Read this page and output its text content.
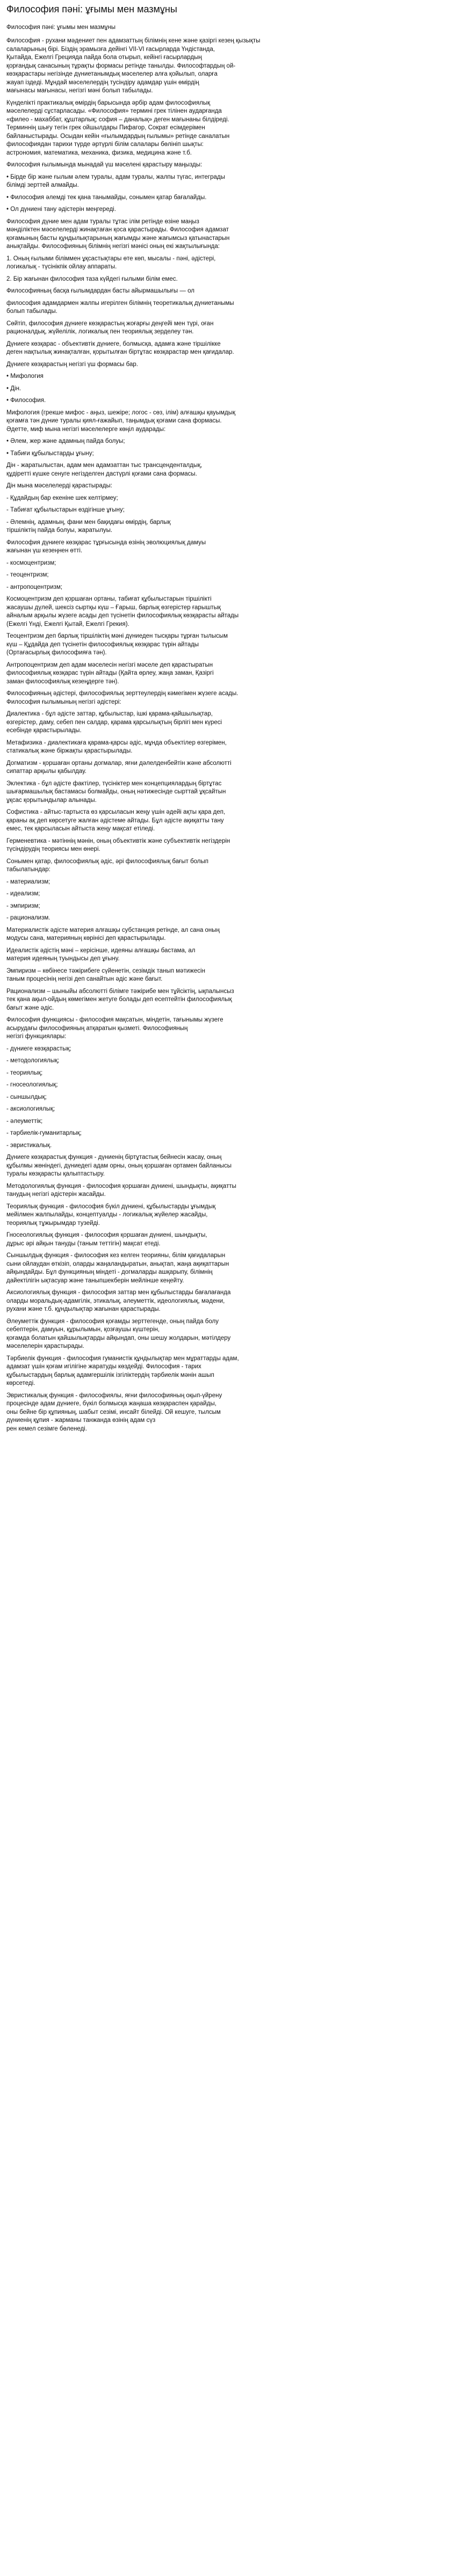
Философия пәні: ұғымы мен мазмұны
Философия пәні: ұғымы мен мазмұны
Философия - рухани мәдениет пен адамзаттың білімнің кене және қазіргі кезең қызықты
салаларының бірі. Біздің эрамызға дейінгі VII-VI ғасырларда Үндістанда,
Қытайда, Ежелгі Грецияда пайда бола отырып, кейінгі ғасырлардың
қорғандық санасының тұрақты формасы ретінде танылды. Философтардың ой-
көзқарастары негізінде дүниетанымдық мәселелер алға қойылып, оларға
жауап іздеді. Мұндай мәселелердің тусіндіру адамдар үшін өмірдің
мағынасы мағынасы, негізгі мәні болып табылады.
Күнделікті практикалық өмірдің барысында әрбір адам философиялық
мәселелерді сұстарласады. «Философия» термині грек тілінен аударғанда
«филео - махаббат, құштарлық; софия – даналық» деген мағынаны білдіреді.
Терминнің шығу тегін грек ойшылдары Пифагор, Сократ есімдерімен
байланыстырады. Осыдан кейін «ғылымдардың ғылымы» ретінде саналатын
философиядан тарихи түрде әртүрлі білім салалары бөлініп шықты:
астрономия, математика, механика, физика, медицина және т.б.
Философия ғылымында мынадай үш мәселені қарастыру маңызды:
• Бірде бір және ғылым әлем туралы, адам туралы, жалпы түгас, интеграды
білімді зерттей алмайды.
• Философия әлемді тек қана танымайды, сонымен қатар бағалайды.
• Ол дүниені тану әдістерін меңгереді.
Философия дүние мен адам туралы тұтас ілім ретінде өзіне маңыз
мәнділіктен мәселелерді жинақтаған қоса қарастырады. Философия адамзат
қоғамының басты құндылықтарының жағымды және жағымсыз қатынастарын
анықтайды. Философияның білімнің негізгі мәнісі оның екі жақтылығында:
1. Оның ғылыми біліммен ұқсастықтары өте көп, мысалы - пәні, әдістері,
логикалық - түсінікпік ойлау аппараты.
2. Бір жағынан философия таза күйдегі ғылыми білім емес.
Философияның басқа ғылымдардан басты айырмашылығы — ол
философия адамдармен жалпы игерілген білімнің теоретикалық дүниетанымы
болып табылады.
Сөйтіп, философия дүниеге көзқарастың жоғарғы деңгейі мен түрі, оған
рационалдық, жүйелілік, логикалық пен теориялық зерделеу тән.
Дүниеге көзқарас - объективтік дүниеге, болмысқа, адамға және тіршілікке
деген нақтылық жинақталған, қорытылған біртұтас көзқарастар мен қағидалар.
Дүниеге көзқарастың негізгі үш формасы бар.
• Мифология
• Дін.
• Философия.
Мифология (грекше мифос - аңыз, шежіре; логос - сөз, ілім) алғашқы қауымдық
қоғамға тән дүние туралы қиял-ғажайып, таңымдық қоғами сана формасы.
Әдетте, миф мына негізгі мәселелерге көңіл аударады:
• Әлем, жер және адамның пайда болуы;
• Табиғи құбылыстарды ұғыну;
Дін - жаратылыстан, адам мен адамзаттан тыс трансценденталдық,
құдіретті күшке сенуге негізделген дастүрлі қоғами сана формасы.
Дін мына мәселелерді қарастырады:
- Құдайдың бар екеніне шек келтірмеу;
- Табиғат құбылыстарын өздігінше ұғыну;
- Әлемнің, адамның, фани мен бақидағы өмірдің, барлық
тіршіліктің пайда болуы, жаратылуы.
Философия дүниеге көзқарас тұрғысында өзінің эволюциялық дамуы
жағынан үш кезеңнен өтті.
- космоцентризм;
- теоцентризм;
- антропоцентризм;
Космоцентризм деп қоршаған ортаны, табиғат құбылыстарын тіршілікті
жасаушы дүлей, шексіз сыртқы күш – Ғарыш, барлық өзгерістер ғарыштық
айналым арқылы жүзеге асады деп түсінетін философиялық көзқарасты айтады
(Ежелгі Үнді, Ежелгі Қытай, Ежелгі Грекия).
Теоцентризм деп барлық тіршіліктің мәні дүниеден тысқары тұрған тылысым
күш – Құдайда деп түсінетін философиялық көзқарас түрін айтады
(Ортағасырлық философияға тән).
Антропоцентризм деп адам мәселесін негізгі мәселе деп қарастыратын
философиялық көзқарас түрін айтады (Қайта өрлеу, жаңа заман, Қазіргі
заман философиялық кезеңдерге тән).
Философияның әдістері, философиялық зерттеулердің кәмегімен жүзеге асады.
Философия ғылымының негізгі әдістері:
Диалектика - бұл әдісте заттар, құбылыстар, ішкі қарама-қайшылықтар,
өзгерістер, даму, себеп пен салдар, қарама қарсылықтың бірлігі мен күресі
есебінде қарастырылады.
Метафизика - диалектикаға қарама-қарсы әдіс, мұнда объектілер өзгерімен,
статикалық және біржақты қарастырылады.
Догматизм - қоршаған ортаны догмалар, яғни дәлелденбейтін және абсолютті
сипаттар арқылы қабылдау.
Эклектика - бұл әдісте фактілер, түсініктер мен концепциялардың біртұтас
шығармашылық бастамасы болмайды, оның нәтижесінде сырттай ұқсайтын
ұқсас қорытындылар алынады.
Софистика - айтыс-тартыста өз қарсыласын жеңу үшін әдейі ақты қара деп,
қараны ақ деп көрсетуге жалған әдістеме айтады. Бұл әдісте ақиқатты тану
емес, тек қарсыласын айтыста жеңу мақсат етіледі.
Герменевтика - мәтіннің мәнін, оның объективтік және субъективтік негіздерін
түсіндірудің теориясы мен өнері.
Сонымен қатар, философиялық әдіс, әрі философиялық бағыт болып
табылатындар:
- материализм;
- идеализм;
- эмпиризм;
- рационализм.
Материалистік әдісте материя алғашқы субстанция ретінде, ал сана оның
модусы сана, материяның көрінісі деп қарастырылады.
Идеалистік әдістің мәні – керісінше, идеяны алғашқы бастама, ал
материя идеяның туындысы деп ұғыну.
Эмпиризм – көбінесе тәжірибеге сүйенетін, сезімдік танып мәтижесін
таным процесінің негізі деп санайтын әдіс және бағыт.
Рационализм – шыныйы абсолютті білімге тәжірибе мен тұйсіктің, ықпалынсыз
тек қана ақыл-ойдың көмегімен жетуге болады деп есептейтін философиялық
бағыт және әдіс.
Философия функциясы - философия мақсатын, міндетін, тағынымы жүзеге
асырудағы философияның атқаратын қызметі. Философияның
негізгі функциялары:
- дүниеге көзқарастық;
- методологиялық;
- теориялық;
- гносеологиялық;
- сыншылдық;
- аксиологиялық;
- әлеуметтік;
- тәрбиелік-гуманитарлық;
- эвристикалық.
Дүниеге көзқарастық функция - дүниенің біртұтастық бейнесін жасау, оның
құбылмы жөніндегі, дүниедегі адам орны, оның қоршаған ортамен байланысы
туралы көзқарасты қалыптастыру.
Методологиялық функция - философия қоршаған дүниені, шындықты, ақиқатты
танудың негізгі әдістерін жасайды.
Теориялық функция - философия бүкіл дүниені, құбылыстарды ұғымдық
мейілмен жалпылайды, концептуалды - логикалық жүйелер жасайды,
теориялық тұжырымдар тузейді.
Гносеологиялық функция - философия қоршаған дүниені, шындықты,
дұрыс әрі айқын тануды (таным теттігін) мақсат етеді.
Сыншылдық функция - философия кез келген теорияны, білім қағидаларын
сыни ойлаудан өткізіп, оларды жаңаландыратын, анықтап, жаңа ақиқаттарын
айқындайды. Бұл функцияның міндеті - догмаларды ашқарыпу, білімнің
дайектілігін ықтасуар және таныпшекберін мейлінше кеңейту.
Аксиологиялық функция - философия заттар мен құбылыстарды бағалағанда
оларды моральдық-адамгілік, этикалық, әлеуметтік, идеологиялық, мәдени,
рухани және т.б. құндылықтар жағынан қарастырады.
Әлеуметтік функция - философия қоғамды зерттегенде, оның пайда болу
себептерін, дамуын, құрылымын, қозғаушы күштерін,
қоғамда болатын қайшылықтарды айқындап, оны шешу жолдарын, мәтілдеру
мәселелерін қарастырады.
Тәрбиелік функция - философия гуманистік құндылықтар мен мұраттарды адам,
адамзат үшін қоғам игілігіне жаратуды көздейді. Философия - тарих
құбылыстардың барлық адамгершілік ізгіліктердің тәрбиелік мәнін ашып
көрсетеді.
Эвристикалық функция - философиялы, яғни философияның оқып-үйрену
процесінде адам дүниеге, бүкіл болмысқа жаңаша көзқараспен қарайды,
оны бейне бір құпияның, шабыт сезімі, инсайт білейді. Ой кешуге, тылсым
дүниенің құпия - жарманы танжанда өзінің адам сүз
рен кемел сезімге бөленеді.
